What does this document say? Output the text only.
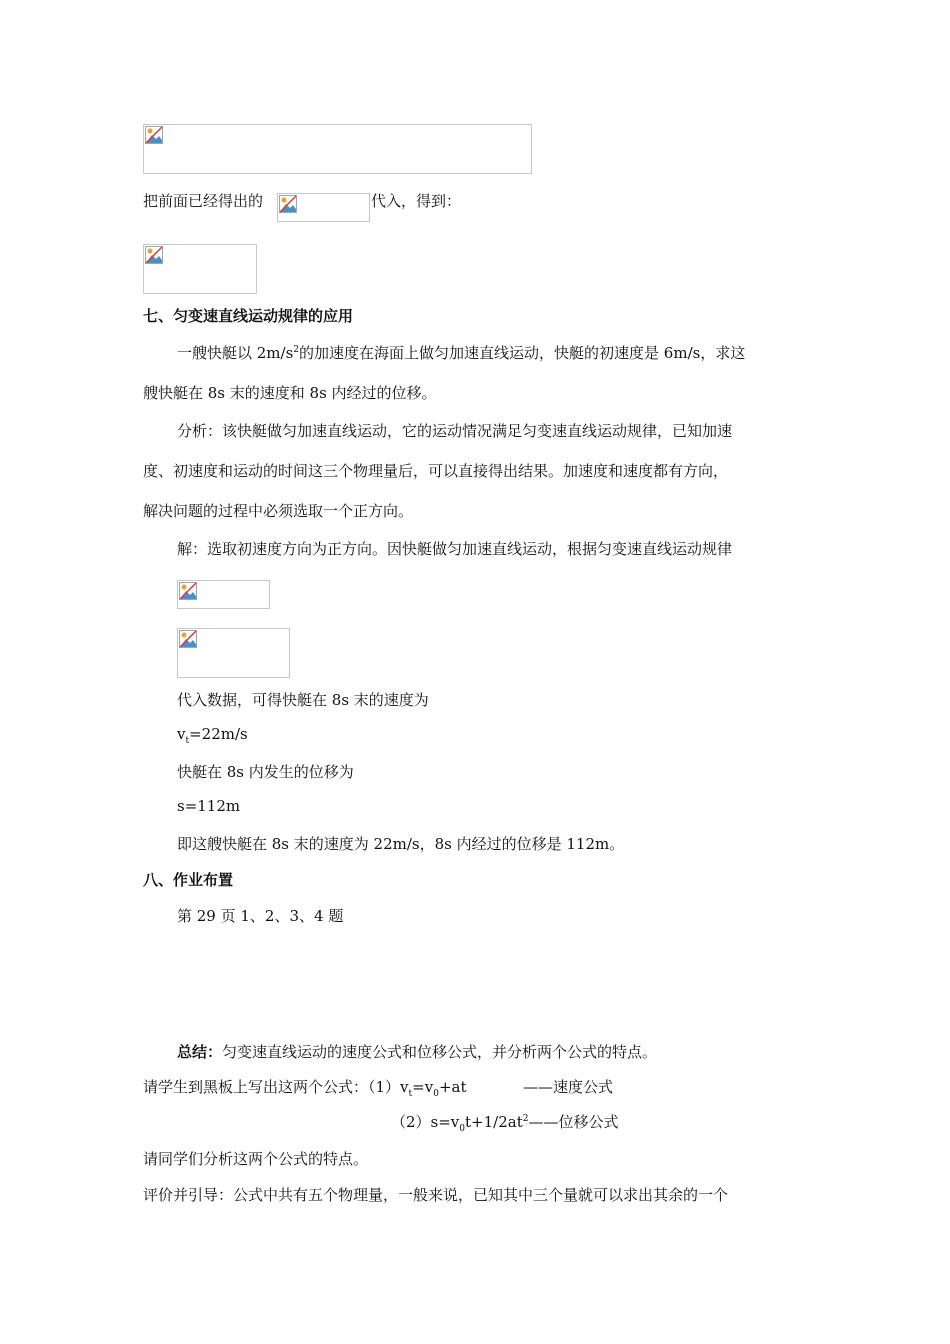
把前面已经得出的	代入，得到：
七、匀变速直线运动规律的应用
一艘快艇以 $2m/s^2$的加速度在海面上做匀加速直线运动，快艇的初速度是 6m/s，求这
艘快艇在 8s 末的速度和 8s 内经过的位移。
分析：该快艇做匀加速直线运动，它的运动情况满足匀变速直线运动规律，已知加速
度、初速度和运动的时间这三个物理量后，可以直接得出结果。加速度和速度都有方向，
解决问题的过程中必须选取一个正方向。
解：选取初速度方向为正方向。因快艇做匀加速直线运动，根据匀变速直线运动规律
代入数据，可得快艇在 8s 末的速度为
$v_t=22m/s$
快艇在 8s 内发生的位移为
s=112m
即这艘快艇在 8s 末的速度为 22m/s，8s 内经过的位移是 112m。
八、作业布置
第 29 页 1、2、3、4 题
总结：匀变速直线运动的速度公式和位移公式，并分析两个公式的特点。
请学生到黑板上写出这两个公式：$(1)v_t=v_0+at$	——速度公式
$(2)s=v_0t+1/2at^2——$位移公式
请同学们分析这两个公式的特点。
评价并引导：公式中共有五个物理量，一般来说，已知其中三个量就可以求出其余的一个
